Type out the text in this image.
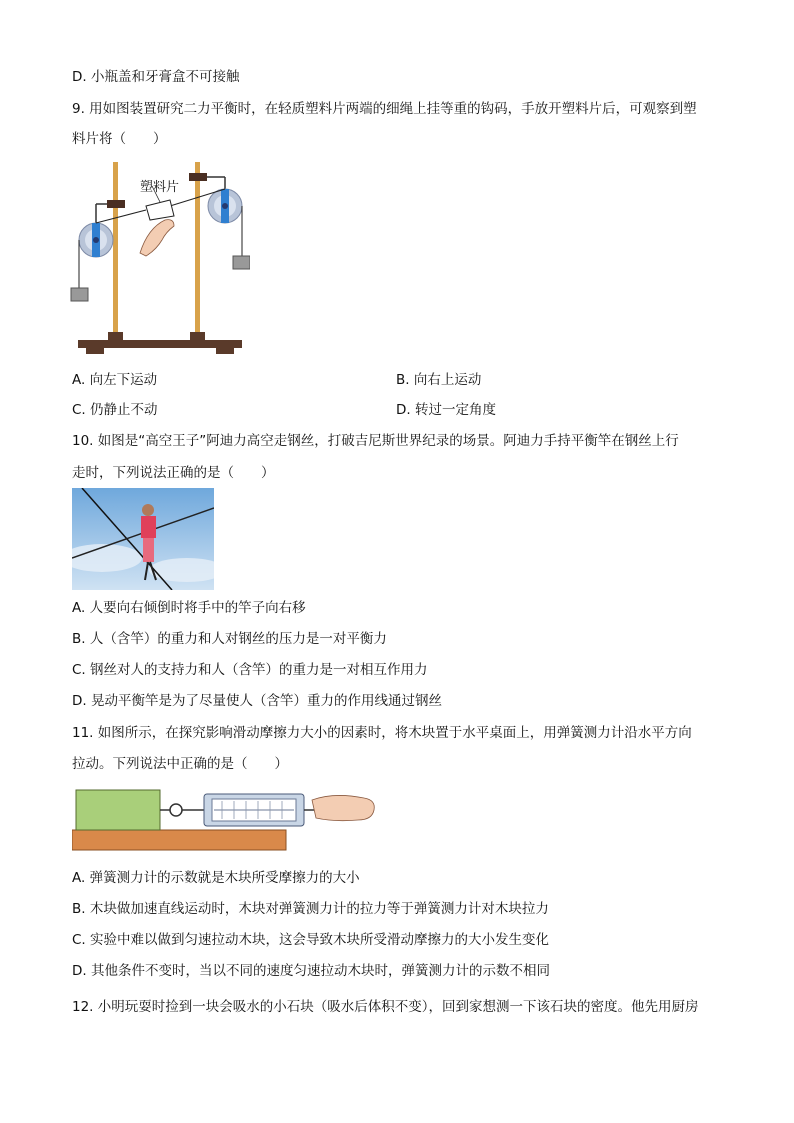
D. 小瓶盖和牙膏盒不可接触
9. 用如图装置研究二力平衡时，在轻质塑料片两端的细绳上挂等重的钩码，手放开塑料片后，可观察到塑
料片将（　　）
塑料片
A. 向左下运动	B. 向右上运动
C. 仍静止不动	D. 转过一定角度
10. 如图是“高空王子”阿迪力高空走钢丝，打破吉尼斯世界纪录的场景。阿迪力手持平衡竿在钢丝上行
走时，下列说法正确的是（　　）
A. 人要向右倾倒时将手中的竿子向右移
B. 人（含竿）的重力和人对钢丝的压力是一对平衡力
C. 钢丝对人的支持力和人（含竿）的重力是一对相互作用力
D. 晃动平衡竿是为了尽量使人（含竿）重力的作用线通过钢丝
11. 如图所示，在探究影响滑动摩擦力大小的因素时，将木块置于水平桌面上，用弹簧测力计沿水平方向
拉动。下列说法中正确的是（　　）
A. 弹簧测力计的示数就是木块所受摩擦力的大小
B. 木块做加速直线运动时，木块对弹簧测力计的拉力等于弹簧测力计对木块拉力
C. 实验中难以做到匀速拉动木块，这会导致木块所受滑动摩擦力的大小发生变化
D. 其他条件不变时，当以不同的速度匀速拉动木块时，弹簧测力计的示数不相同
12. 小明玩耍时捡到一块会吸水的小石块（吸水后体积不变），回到家想测一下该石块的密度。他先用厨房
